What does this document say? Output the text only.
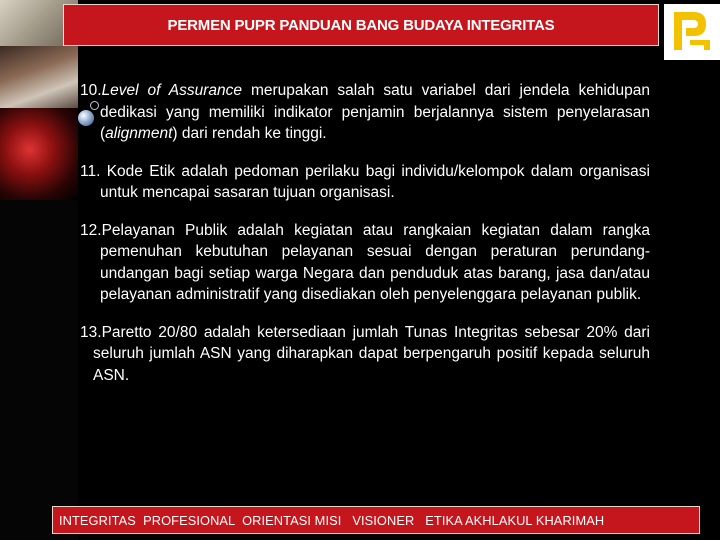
PERMEN PUPR PANDUAN BANG BUDAYA INTEGRITAS
10.Level of Assurance merupakan salah satu variabel dari jendela kehidupan dedikasi yang memiliki indikator penjamin berjalannya sistem penyelarasan (alignment) dari rendah ke tinggi.
11. Kode Etik adalah pedoman perilaku bagi individu/kelompok dalam organisasi untuk mencapai sasaran tujuan organisasi.
12.Pelayanan Publik adalah kegiatan atau rangkaian kegiatan dalam rangka pemenuhan kebutuhan pelayanan sesuai dengan peraturan perundang-undangan bagi setiap warga Negara dan penduduk atas barang, jasa dan/atau pelayanan administratif yang disediakan oleh penyelenggara pelayanan publik.
13.Paretto 20/80 adalah ketersediaan jumlah Tunas Integritas sebesar 20% dari seluruh jumlah ASN yang diharapkan dapat berpengaruh positif kepada seluruh ASN.
INTEGRITAS  PROFESIONAL  ORIENTASI MISI   VISIONER   ETIKA AKHLAKUL KHARIMAH
